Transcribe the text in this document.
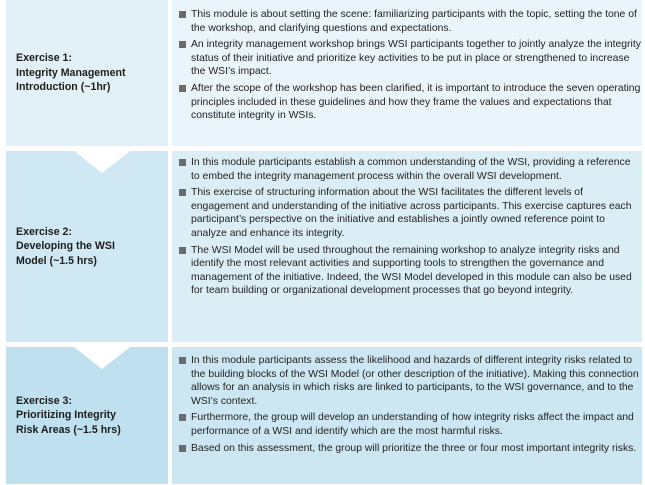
Exercise 1:
Integrity Management
Introduction (~1hr)
This module is about setting the scene: familiarizing participants with the topic, setting the tone of the workshop, and clarifying questions and expectations.
An integrity management workshop brings WSI participants together to jointly analyze the integrity status of their initiative and prioritize key activities to be put in place or strengthened to increase the WSI’s impact.
After the scope of the workshop has been clarified, it is important to introduce the seven operating principles included in these guidelines and how they frame the values and expectations that constitute integrity in WSIs.
Exercise 2:
Developing the WSI
Model (~1.5 hrs)
In this module participants establish a common understanding of the WSI, providing a reference to embed the integrity management process within the overall WSI development.
This exercise of structuring information about the WSI facilitates the different levels of engagement and understanding of the initiative across participants. This exercise captures each participant’s perspective on the initiative and establishes a jointly owned reference point to analyze and enhance its integrity.
The WSI Model will be used throughout the remaining workshop to analyze integrity risks and identify the most relevant activities and supporting tools to strengthen the governance and management of the initiative. Indeed, the WSI Model developed in this module can also be used for team building or organizational development processes that go beyond integrity.
Exercise 3:
Prioritizing Integrity
Risk Areas (~1.5 hrs)
In this module participants assess the likelihood and hazards of different integrity risks related to the building blocks of the WSI Model (or other description of the initiative). Making this connection allows for an analysis in which risks are linked to participants, to the WSI governance, and to the WSI’s context.
Furthermore, the group will develop an understanding of how integrity risks affect the impact and performance of a WSI and identify which are the most harmful risks.
Based on this assessment, the group will prioritize the three or four most important integrity risks.
